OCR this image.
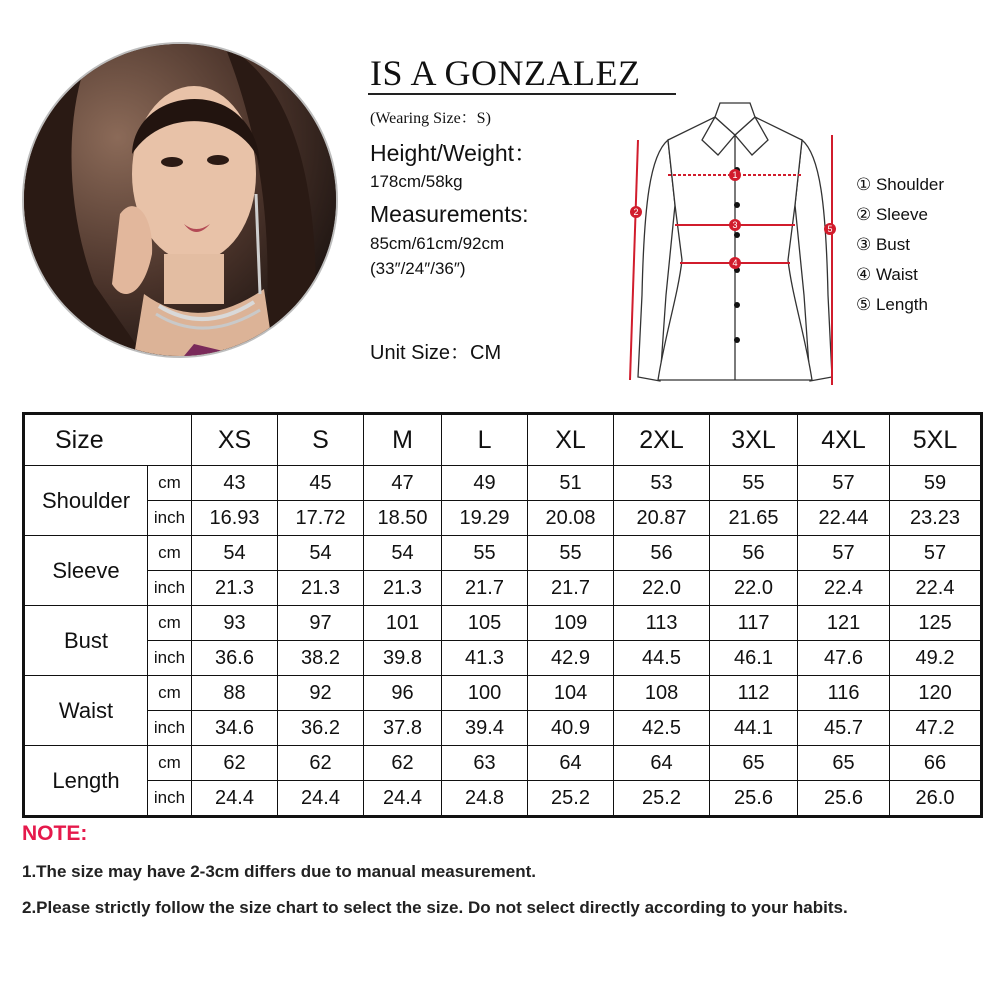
IS A GONZALEZ
(Wearing Size：S)
Height/Weight：
178cm/58kg
Measurements:
85cm/61cm/92cm
(33″/24″/36″)
Unit Size：CM
1
3
4
2
5
① Shoulder
② Sleeve
③ Bust
④ Waist
⑤ Length
Size		XS	S	M	L	XL	2XL	3XL	4XL	5XL
Shoulder	cm	43	45	47	49	51	53	55	57	59
	inch	16.93	17.72	18.50	19.29	20.08	20.87	21.65	22.44	23.23
Sleeve	cm	54	54	54	55	55	56	56	57	57
	inch	21.3	21.3	21.3	21.7	21.7	22.0	22.0	22.4	22.4
Bust	cm	93	97	101	105	109	113	117	121	125
	inch	36.6	38.2	39.8	41.3	42.9	44.5	46.1	47.6	49.2
Waist	cm	88	92	96	100	104	108	112	116	120
	inch	34.6	36.2	37.8	39.4	40.9	42.5	44.1	45.7	47.2
Length	cm	62	62	62	63	64	64	65	65	66
	inch	24.4	24.4	24.4	24.8	25.2	25.2	25.6	25.6	26.0
NOTE:
1.The size may have 2-3cm differs due to manual measurement.
2.Please strictly follow the size chart to select the size. Do not select directly according to your habits.
